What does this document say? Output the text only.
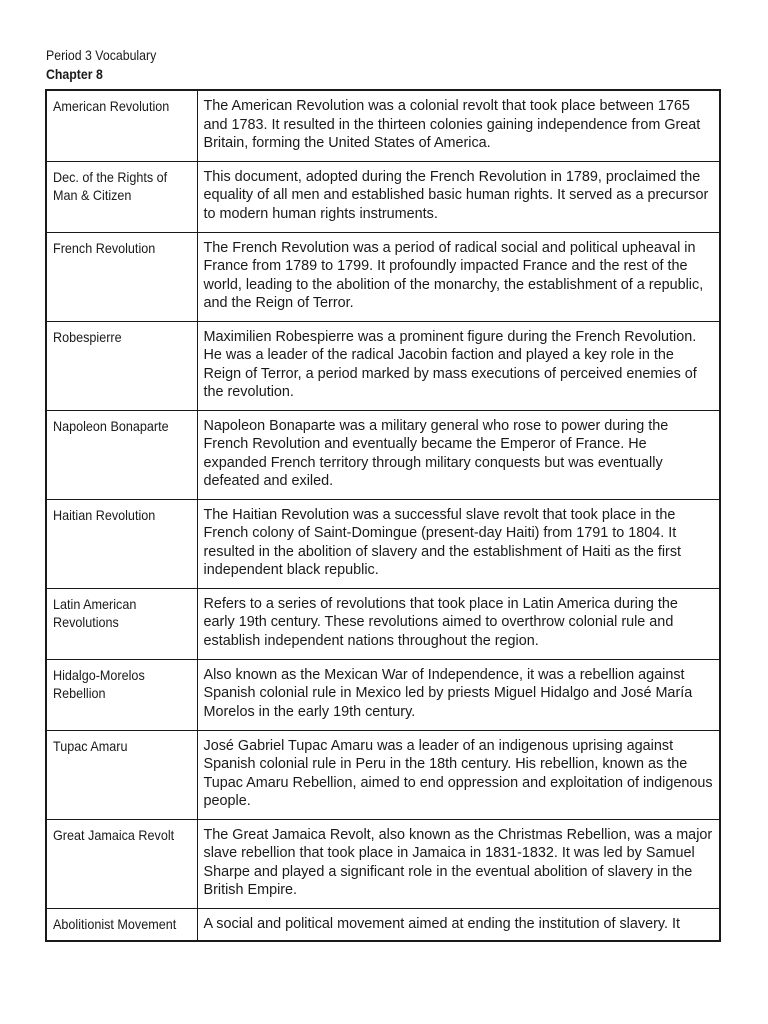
Period 3 Vocabulary
Chapter 8
American Revolution	The American Revolution was a colonial revolt that took place between 1765 and 1783. It resulted in the thirteen colonies gaining independence from Great Britain, forming the United States of America.

Dec. of the Rights of Man & Citizen	This document, adopted during the French Revolution in 1789, proclaimed the equality of all men and established basic human rights. It served as a precursor to modern human rights instruments.

French Revolution	The French Revolution was a period of radical social and political upheaval in France from 1789 to 1799. It profoundly impacted France and the rest of the world, leading to the abolition of the monarchy, the establishment of a republic, and the Reign of Terror.

Robespierre	Maximilien Robespierre was a prominent figure during the French Revolution. He was a leader of the radical Jacobin faction and played a key role in the Reign of Terror, a period marked by mass executions of perceived enemies of the revolution.

Napoleon Bonaparte	Napoleon Bonaparte was a military general who rose to power during the French Revolution and eventually became the Emperor of France. He expanded French territory through military conquests but was eventually defeated and exiled.

Haitian Revolution	The Haitian Revolution was a successful slave revolt that took place in the French colony of Saint-Domingue (present-day Haiti) from 1791 to 1804. It resulted in the abolition of slavery and the establishment of Haiti as the first independent black republic.

Latin American Revolutions	Refers to a series of revolutions that took place in Latin America during the early 19th century. These revolutions aimed to overthrow colonial rule and establish independent nations throughout the region.

Hidalgo-Morelos Rebellion	Also known as the Mexican War of Independence, it was a rebellion against Spanish colonial rule in Mexico led by priests Miguel Hidalgo and José María Morelos in the early 19th century.

Tupac Amaru	José Gabriel Tupac Amaru was a leader of an indigenous uprising against Spanish colonial rule in Peru in the 18th century. His rebellion, known as the Tupac Amaru Rebellion, aimed to end oppression and exploitation of indigenous people.

Great Jamaica Revolt	The Great Jamaica Revolt, also known as the Christmas Rebellion, was a major slave rebellion that took place in Jamaica in 1831-1832. It was led by Samuel Sharpe and played a significant role in the eventual abolition of slavery in the British Empire.

Abolitionist Movement	A social and political movement aimed at ending the institution of slavery. It
